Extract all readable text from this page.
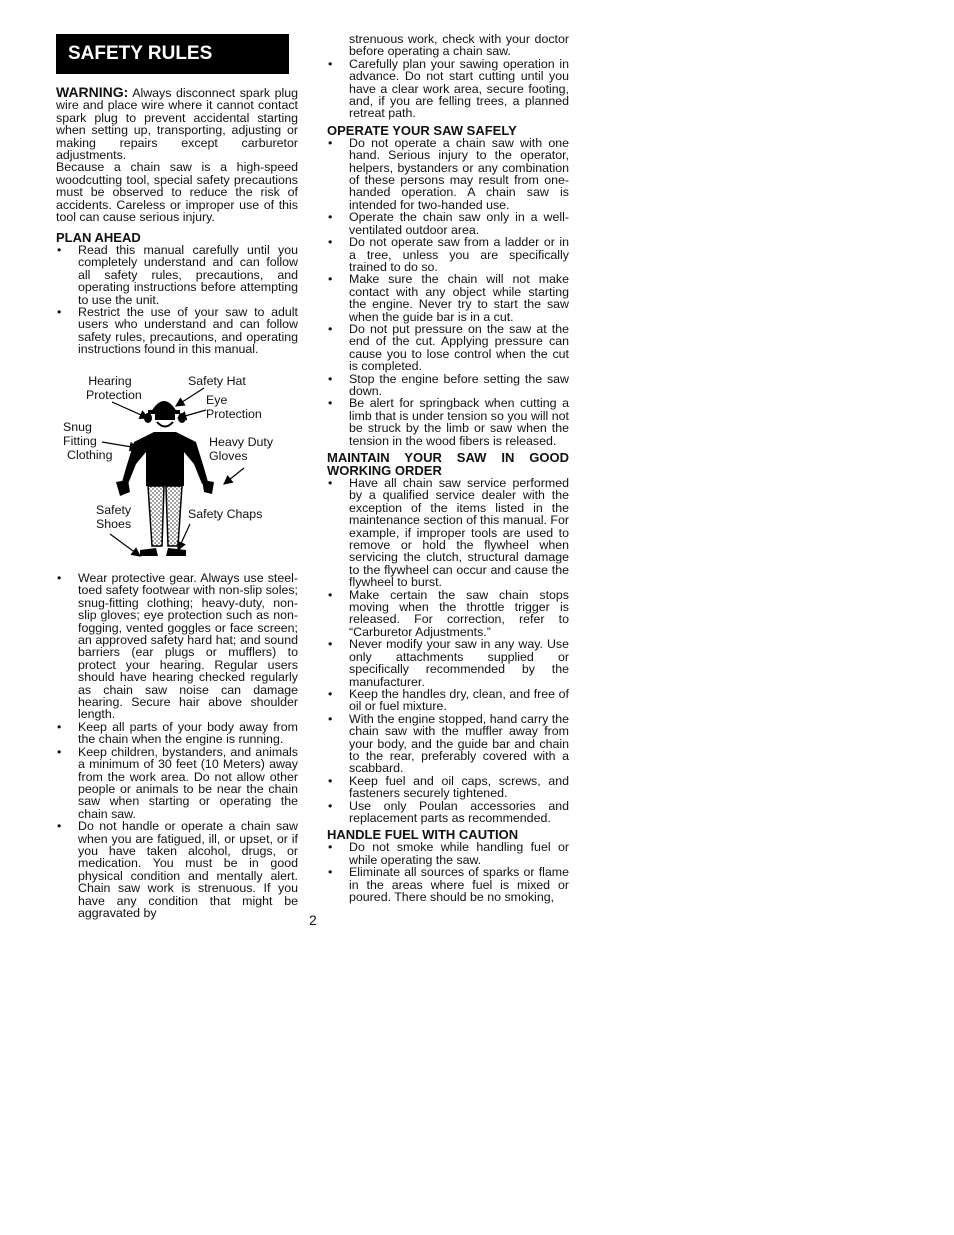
SAFETY RULES

WARNING: Always disconnect spark plug wire and place wire where it cannot contact spark plug to prevent accidental starting when setting up, transporting, adjusting or making repairs except carburetor adjustments.

Because a chain saw is a high-speed woodcutting tool, special safety precautions must be observed to reduce the risk of accidents. Careless or improper use of this tool can cause serious injury.

PLAN AHEAD
• Read this manual carefully until you completely understand and can follow all safety rules, precautions, and operating instructions before attempting to use the unit.
• Restrict the use of your saw to adult users who understand and can follow safety rules, precautions, and operating instructions found in this manual.
Hearing
Protection
Safety Hat
Eye
Protection
Snug
Fitting
Clothing
Heavy Duty
Gloves
Safety
Shoes
Safety Chaps
• Wear protective gear. Always use steel-toed safety footwear with non-slip soles; snug-fitting clothing; heavy-duty, non-slip gloves; eye protection such as non-fogging, vented goggles or face screen; an approved safety hard hat; and sound barriers (ear plugs or mufflers) to protect your hearing. Regular users should have hearing checked regularly as chain saw noise can damage hearing. Secure hair above shoulder length.
• Keep all parts of your body away from the chain when the engine is running.
• Keep children, bystanders, and animals a minimum of 30 feet (10 Meters) away from the work area. Do not allow other people or animals to be near the chain saw when starting or operating the chain saw.
• Do not handle or operate a chain saw when you are fatigued, ill, or upset, or if you have taken alcohol, drugs, or medication. You must be in good physical condition and mentally alert. Chain saw work is strenuous. If you have any condition that might be aggravated by	2

strenuous work, check with your doctor before operating a chain saw.

• Carefully plan your sawing operation in advance. Do not start cutting until you have a clear work area, secure footing, and, if you are felling trees, a planned retreat path.
OPERATE YOUR SAW SAFELY
• Do not operate a chain saw with one hand. Serious injury to the operator, helpers, bystanders or any combination of these persons may result from one-handed operation. A chain saw is intended for two-handed use.
• Operate the chain saw only in a well-ventilated outdoor area.
• Do not operate saw from a ladder or in a tree, unless you are specifically trained to do so.
• Make sure the chain will not make contact with any object while starting the engine. Never try to start the saw when the guide bar is in a cut.
• Do not put pressure on the saw at the end of the cut. Applying pressure can cause you to lose control when the cut is completed.
• Stop the engine before setting the saw down.
• Be alert for springback when cutting a limb that is under tension so you will not be struck by the limb or saw when the tension in the wood fibers is released.
MAINTAIN YOUR SAW IN GOOD WORKING ORDER
• Have all chain saw service performed by a qualified service dealer with the exception of the items listed in the maintenance section of this manual. For example, if improper tools are used to remove or hold the flywheel when servicing the clutch, structural damage to the flywheel can occur and cause the flywheel to burst.
• Make certain the saw chain stops moving when the throttle trigger is released. For correction, refer to “Carburetor Adjustments.”
• Never modify your saw in any way. Use only attachments supplied or specifically recommended by the manufacturer.
• Keep the handles dry, clean, and free of oil or fuel mixture.
• With the engine stopped, hand carry the chain saw with the muffler away from your body, and the guide bar and chain to the rear, preferably covered with a scabbard.
• Keep fuel and oil caps, screws, and fasteners securely tightened.
• Use only Poulan accessories and replacement parts as recommended.
HANDLE FUEL WITH CAUTION
• Do not smoke while handling fuel or while operating the saw.
• Eliminate all sources of sparks or flame in the areas where fuel is mixed or poured. There should be no smoking,
